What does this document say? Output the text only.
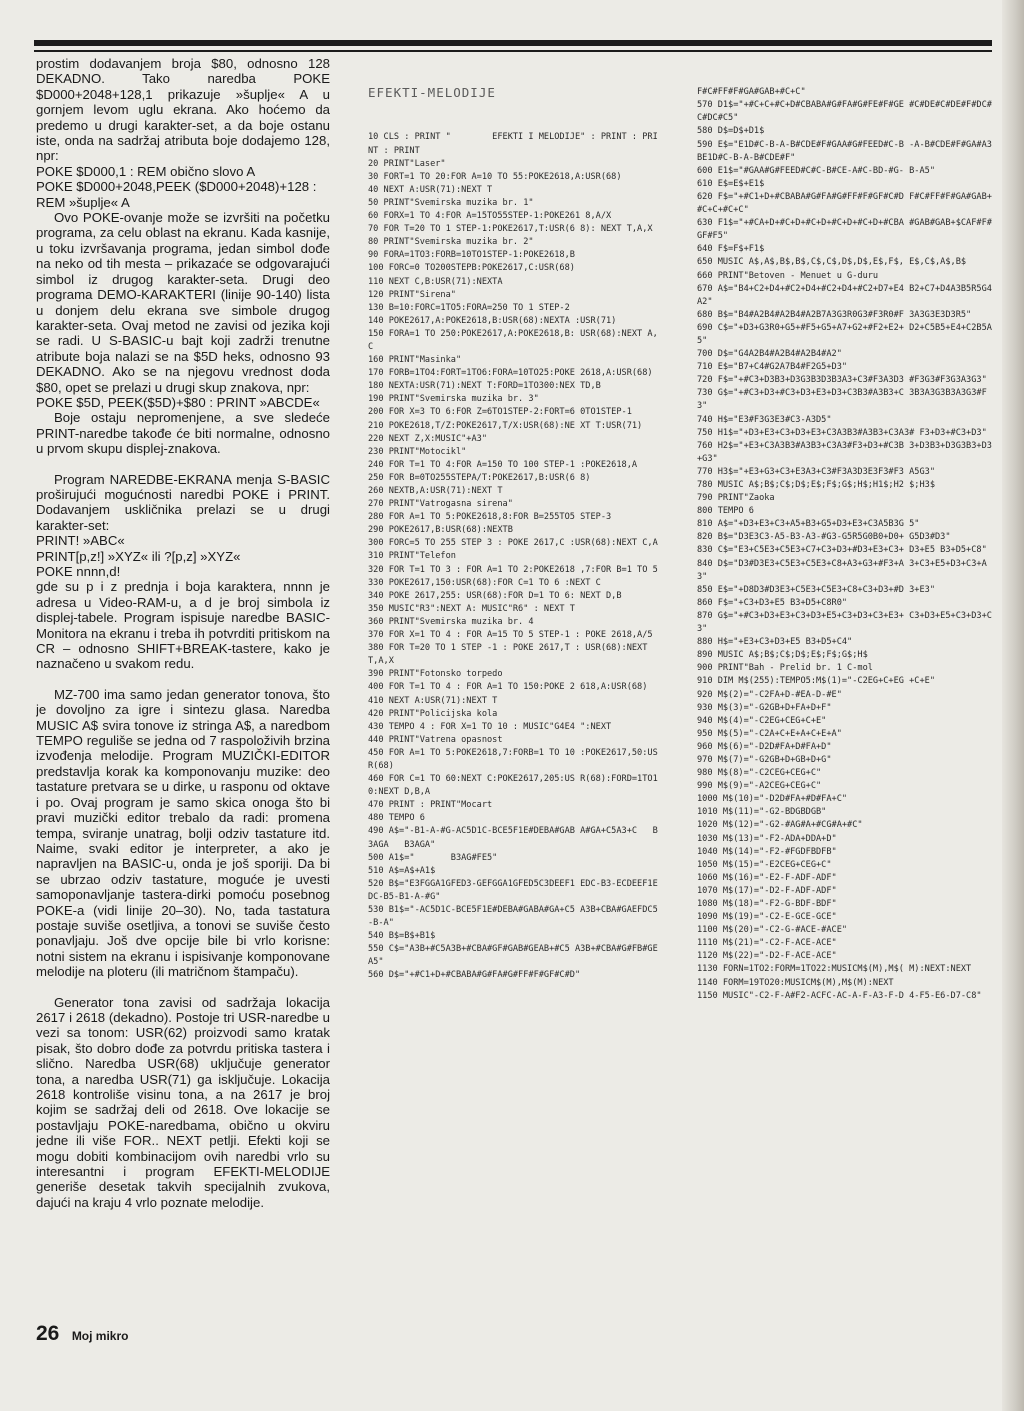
prostim dodavanjem broja $80, odnosno 128 DEKADNO. Tako naredba POKE $D000+2048+128,1 prikazuje »šuplje« A u gornjem levom uglu ekrana. Ako hoćemo da predemo u drugi karakter-set, a da boje ostanu iste, onda na sadržaj atributa boje dodajemo 128, npr:

POKE $D000,1 : REM obično slovo A

POKE $D000+2048,PEEK ($D000+2048)+128 : REM »šuplje« A

Ovo POKE-ovanje može se izvršiti na početku programa, za celu oblast na ekranu. Kada kasnije, u toku izvršavanja programa, jedan simbol dođe na neko od tih mesta – prikazaće se odgovarajući simbol iz drugog karakter-seta. Drugi deo programa DEMO-KARAKTERI (linije 90-140) lista u donjem delu ekrana sve simbole drugog karakter-seta. Ovaj metod ne zavisi od jezika koji se radi. U S-BASIC-u bajt koji zadrži trenutne atribute boja nalazi se na $5D heks, odnosno 93 DEKADNO. Ako se na njegovu vrednost doda $80, opet se prelazi u drugi skup znakova, npr:

POKE $5D, PEEK($5D)+$80 : PRINT »ABCDE«

Boje ostaju nepromenjene, a sve sledeće PRINT-naredbe takođe će biti normalne, odnosno u prvom skupu displej-znakova.

Program NAREDBE-EKRANA menja S-BASIC proširujući mogućnosti naredbi POKE i PRINT. Dodavanjem uskličnika prelazi se u drugi karakter-set:

PRINT! »ABC«

PRINT[p,z!] »XYZ« ili ?[p,z] »XYZ«

POKE nnnn,d!

gde su p i z prednja i boja karaktera, nnnn je adresa u Video-RAM-u, a d je broj simbola iz displej-tabele. Program ispisuje naredbe BASIC-Monitora na ekranu i treba ih potvrditi pritiskom na CR – odnosno SHIFT+BREAK-tastere, kako je naznačeno u svakom redu.

MZ-700 ima samo jedan generator tonova, što je dovoljno za igre i sintezu glasa. Naredba MUSIC A$ svira tonove iz stringa A$, a naredbom TEMPO reguliše se jedna od 7 raspoloživih brzina izvođenja melodije. Program MUZIČKI-EDITOR predstavlja korak ka komponovanju muzike: deo tastature pretvara se u dirke, u rasponu od oktave i po. Ovaj program je samo skica onoga što bi pravi muzički editor trebalo da radi: promena tempa, sviranje unatrag, bolji odziv tastature itd. Naime, svaki editor je interpreter, a ako je napravljen na BASIC-u, onda je još sporiji. Da bi se ubrzao odziv tastature, moguće je uvesti samoponavljanje tastera-dirki pomoću posebnog POKE-a (vidi linije 20–30). No, tada tastatura postaje suviše osetljiva, a tonovi se suviše često ponavljaju. Još dve opcije bile bi vrlo korisne: notni sistem na ekranu i ispisivanje komponovane melodije na ploteru (ili matričnom štampaču).

Generator tona zavisi od sadržaja lokacija 2617 i 2618 (dekadno). Postoje tri USR-naredbe u vezi sa tonom: USR(62) proizvodi samo kratak pisak, što dobro dođe za potvrdu pritiska tastera i slično. Naredba USR(68) uključuje generator tona, a naredba USR(71) ga isključuje. Lokacija 2618 kontroliše visinu tona, a na 2617 je broj kojim se sadržaj deli od 2618. Ove lokacije se postavljaju POKE-naredbama, obično u okviru jedne ili više FOR.. NEXT petlji. Efekti koji se mogu dobiti kombinacijom ovih naredbi vrlo su interesantni i program EFEKTI-MELODIJE generiše desetak takvih specijalnih zvukova, dajući na kraju 4 vrlo poznate melodije.

EFEKTI-MELODIJE

10 CLS : PRINT "        EFEKTI I MELODIJE" : PRINT : PRINT : PRINT
20 PRINT"Laser"
30 FORT=1 TO 20:FOR A=10 TO 55:POKE2618,A:USR(68)
40 NEXT A:USR(71):NEXT T
50 PRINT"Svemirska muzika br. 1"
60 FORX=1 TO 4:FOR A=15TO55STEP-1:POKE261 8,A/X
70 FOR T=20 TO 1 STEP-1:POKE2617,T:USR(6 8): NEXT T,A,X
80 PRINT"Svemirska muzika br. 2"
90 FORA=1TO3:FORB=10TO1STEP-1:POKE2618,B
100 FORC=0 TO200STEPB:POKE2617,C:USR(68)
110 NEXT C,B:USR(71):NEXTA
120 PRINT"Sirena"
130 B=10:FORC=1TO5:FORA=250 TO 1 STEP-2
140 POKE2617,A:POKE2618,B:USR(68):NEXTA :USR(71)
150 FORA=1 TO 250:POKE2617,A:POKE2618,B: USR(68):NEXT A,C
160 PRINT"Masinka"
170 FORB=1TO4:FORT=1TO6:FORA=10TO25:POKE 2618,A:USR(68)
180 NEXTA:USR(71):NEXT T:FORD=1TO300:NEX TD,B
190 PRINT"Svemirska muzika br. 3"
200 FOR X=3 TO 6:FOR Z=6TO1STEP-2:FORT=6 0TO1STEP-1
210 POKE2618,T/Z:POKE2617,T/X:USR(68):NE XT T:USR(71)
220 NEXT Z,X:MUSIC"+A3"
230 PRINT"Motocikl"
240 FOR T=1 TO 4:FOR A=150 TO 100 STEP-1 :POKE2618,A
250 FOR B=0TO255STEPA/T:POKE2617,B:USR(6 8)
260 NEXTB,A:USR(71):NEXT T
270 PRINT"Vatrogasna sirena"
280 FOR A=1 TO 5:POKE2618,8:FOR B=255TO5 STEP-3
290 POKE2617,B:USR(68):NEXTB
300 FORC=5 TO 255 STEP 3 : POKE 2617,C :USR(68):NEXT C,A
310 PRINT"Telefon
320 FOR T=1 TO 3 : FOR A=1 TO 2:POKE2618 ,7:FOR B=1 TO 5
330 POKE2617,150:USR(68):FOR C=1 TO 6 :NEXT C
340 POKE 2617,255: USR(68):FOR D=1 TO 6: NEXT D,B
350 MUSIC"R3":NEXT A: MUSIC"R6" : NEXT T
360 PRINT"Svemirska muzika br. 4
370 FOR X=1 TO 4 : FOR A=15 TO 5 STEP-1 : POKE 2618,A/5
380 FOR T=20 TO 1 STEP -1 : POKE 2617,T : USR(68):NEXT T,A,X
390 PRINT"Fotonsko torpedo
400 FOR T=1 TO 4 : FOR A=1 TO 150:POKE 2 618,A:USR(68)
410 NEXT A:USR(71):NEXT T
420 PRINT"Policijska kola
430 TEMPO 4 : FOR X=1 TO 10 : MUSIC"G4E4 ":NEXT
440 PRINT"Vatrena opasnost
450 FOR A=1 TO 5:POKE2618,7:FORB=1 TO 10 :POKE2617,50:USR(68)
460 FOR C=1 TO 60:NEXT C:POKE2617,205:US R(68):FORD=1TO10:NEXT D,B,A
470 PRINT : PRINT"Mocart
480 TEMPO 6
490 A$="-B1-A-#G-AC5D1C-BCE5F1E#DEBA#GAB A#GA+C5A3+C   B3AGA   B3AGA"
500 A1$="       B3AG#FE5"
510 A$=A$+A1$
520 B$="E3FGGA1GFED3-GEFGGA1GFED5C3DEEF1 EDC-B3-ECDEEF1EDC-B5-B1-A-#G"
530 B1$="-AC5D1C-BCE5F1E#DEBA#GABA#GA+C5 A3B+CBA#GAEFDC5-B-A"
540 B$=B$+B1$
550 C$="A3B+#C5A3B+#CBA#GF#GAB#GEAB+#C5 A3B+#CBA#G#FB#GEA5"
560 D$="+#C1+D+#CBABA#G#FA#G#FF#F#GF#C#D"

F#C#FF#F#GA#GAB+#C+C"
570 D1$="+#C+C+#C+D#CBABA#G#FA#G#FE#F#GE #C#DE#C#DE#F#DC#C#DC#C5"
580 D$=D$+D1$
590 E$="E1D#C-B-A-B#CDE#F#GAA#G#FEED#C-B -A-B#CDE#F#GA#A3BE1D#C-B-A-B#CDE#F"
600 E1$="#GAA#G#FEED#C#C-B#CE-A#C-BD-#G- B-A5"
610 E$=E$+E1$
620 F$="+#C1+D+#CBABA#G#FA#G#FF#F#GF#C#D F#C#FF#F#GA#GAB+#C+C+#C+C"
630 F1$="+#CA+D+#C+D+#C+D+#C+D+#C+D+#CBA #GAB#GAB+$CAF#F#GF#F5"
640 F$=F$+F1$
650 MUSIC A$,A$,B$,B$,C$,C$,D$,D$,E$,F$, E$,C$,A$,B$
660 PRINT"Betoven - Menuet u G-duru
670 A$="B4+C2+D4+#C2+D4+#C2+D4+#C2+D7+E4 B2+C7+D4A3B5R5G4A2"
680 B$="B4#A2B4#A2B4#A2B7A3G3R0G3#F3R0#F 3A3G3E3D3R5"
690 C$="+D3+G3R0+G5+#F5+G5+A7+G2+#F2+E2+ D2+C5B5+E4+C2B5A5"
700 D$="G4A2B4#A2B4#A2B4#A2"
710 E$="B7+C4#G2A7B4#F2G5+D3"
720 F$="+#C3+D3B3+D3G3B3D3B3A3+C3#F3A3D3 #F3G3#F3G3A3G3"
730 G$="+#C3+D3+#C3+D3+E3+D3+C3B3#A3B3+C 3B3A3G3B3A3G3#F3"
740 H$="E3#F3G3E3#C3-A3D5"
750 H1$="+D3+E3+C3+D3+E3+C3A3B3#A3B3+C3A3# F3+D3+#C3+D3"
760 H2$="+E3+C3A3B3#A3B3+C3A3#F3+D3+#C3B 3+D3B3+D3G3B3+D3+G3"
770 H3$="+E3+G3+C3+E3A3+C3#F3A3D3E3F3#F3 A5G3"
780 MUSIC A$;B$;C$;D$;E$;F$;G$;H$;H1$;H2 $;H3$
790 PRINT"Zaoka
800 TEMPO 6
810 A$="+D3+E3+C3+A5+B3+G5+D3+E3+C3A5B3G 5"
820 B$="D3E3C3-A5-B3-A3-#G3-G5R5G0B0+D0+ G5D3#D3"
830 C$="E3+C5E3+C5E3+C7+C3+D3+#D3+E3+C3+ D3+E5 B3+D5+C8"
840 D$="D3#D3E3+C5E3+C5E3+C8+A3+G3+#F3+A 3+C3+E5+D3+C3+A3"
850 E$="+D8D3#D3E3+C5E3+C5E3+C8+C3+D3+#D 3+E3"
860 F$="+C3+D3+E5 B3+D5+C8R0"
870 G$="+#C3+D3+E3+C3+D3+E5+C3+D3+C3+E3+ C3+D3+E5+C3+D3+C3"
880 H$="+E3+C3+D3+E5 B3+D5+C4"
890 MUSIC A$;B$;C$;D$;E$;F$;G$;H$
900 PRINT"Bah - Prelid br. 1 C-mol
910 DIM M$(255):TEMPO5:M$(1)="-C2EG+C+EG +C+E"
920 M$(2)="-C2FA+D-#EA-D-#E"
930 M$(3)="-G2GB+D+FA+D+F"
940 M$(4)="-C2EG+CEG+C+E"
950 M$(5)="-C2A+C+E+A+C+E+A"
960 M$(6)="-D2D#FA+D#FA+D"
970 M$(7)="-G2GB+D+GB+D+G"
980 M$(8)="-C2CEG+CEG+C"
990 M$(9)="-A2CEG+CEG+C"
1000 M$(10)="-D2D#FA+#D#FA+C"
1010 M$(11)="-G2-BDGBDGB"
1020 M$(12)="-G2-#AG#A+#CG#A+#C"
1030 M$(13)="-F2-ADA+DDA+D"
1040 M$(14)="-F2-#FGDFBDFB"
1050 M$(15)="-E2CEG+CEG+C"
1060 M$(16)="-E2-F-ADF-ADF"
1070 M$(17)="-D2-F-ADF-ADF"
1080 M$(18)="-F2-G-BDF-BDF"
1090 M$(19)="-C2-E-GCE-GCE"
1100 M$(20)="-C2-G-#ACE-#ACE"
1110 M$(21)="-C2-F-ACE-ACE"
1120 M$(22)="-D2-F-ACE-ACE"
1130 FORN=1TO2:FORM=1TO22:MUSICM$(M),M$( M):NEXT:NEXT
1140 FORM=19TO20:MUSICM$(M),M$(M):NEXT
1150 MUSIC"-C2-F-A#F2-ACFC-AC-A-F-A3-F-D 4-F5-E6-D7-C8"

26 Moj mikro
